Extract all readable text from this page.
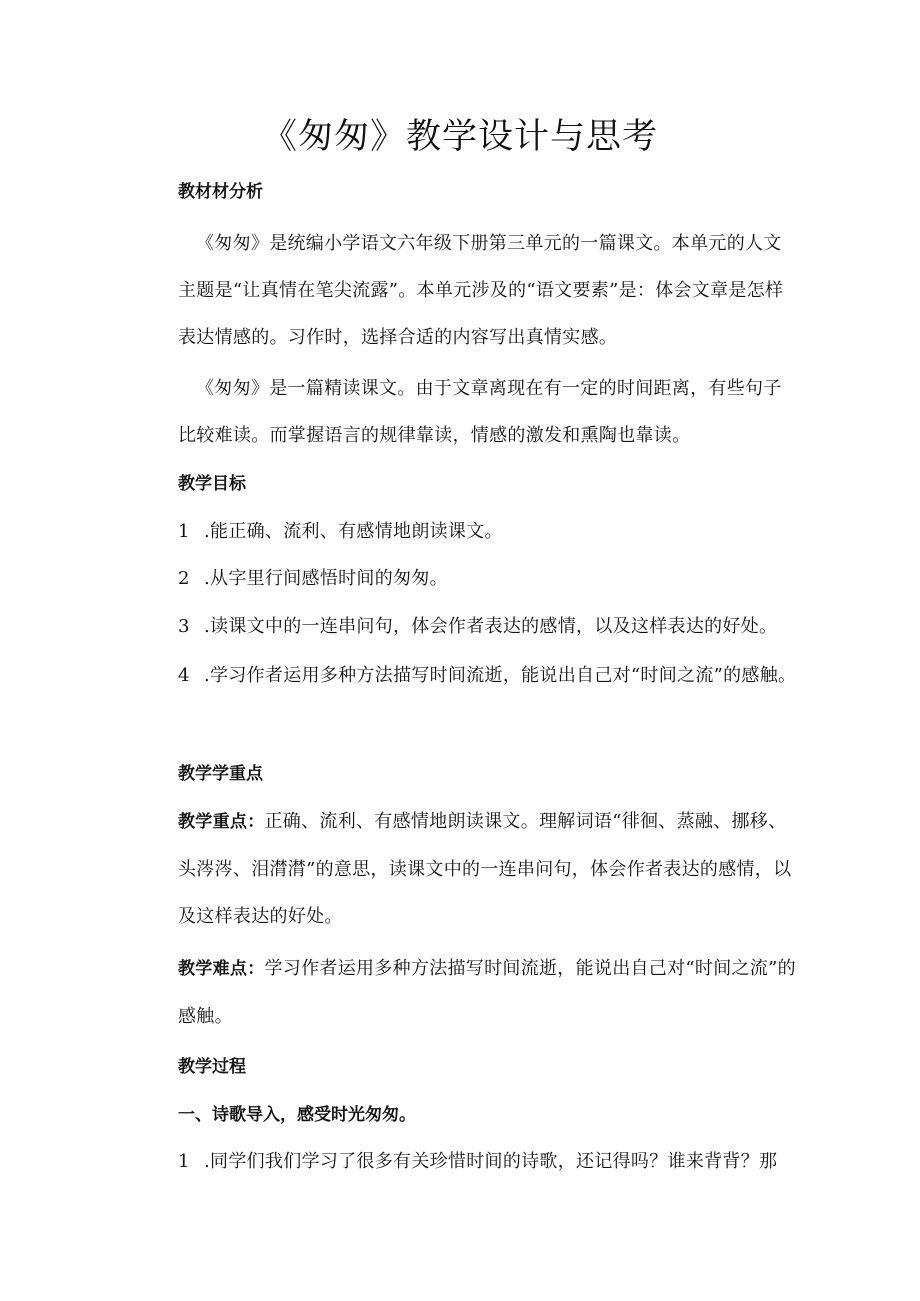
《匆匆》教学设计与思考
教材材分析

《匆匆》是统编小学语文六年级下册第三单元的一篇课文。本单元的人文主题是“让真情在笔尖流露”。本单元涉及的“语文要素”是：体会文章是怎样表达情感的。习作时，选择合适的内容写出真情实感。

《匆匆》是一篇精读课文。由于文章离现在有一定的时间距离，有些句子比较难读。而掌握语言的规律靠读，情感的激发和熏陶也靠读。

教学目标

1 .能正确、流利、有感情地朗读课文。

2 .从字里行间感悟时间的匆匆。

3 .读课文中的一连串问句，体会作者表达的感情，以及这样表达的好处。

4 .学习作者运用多种方法描写时间流逝，能说出自己对“时间之流”的感触。

教学学重点

教学重点：正确、流利、有感情地朗读课文。理解词语“徘徊、蒸融、挪移、头涔涔、泪潸潸”的意思，读课文中的一连串问句，体会作者表达的感情，以及这样表达的好处。

教学难点：学习作者运用多种方法描写时间流逝，能说出自己对“时间之流”的感触。

教学过程
一、诗歌导入，感受时光匆匆。

1 .同学们我们学习了很多有关珍惜时间的诗歌，还记得吗？谁来背背？那
